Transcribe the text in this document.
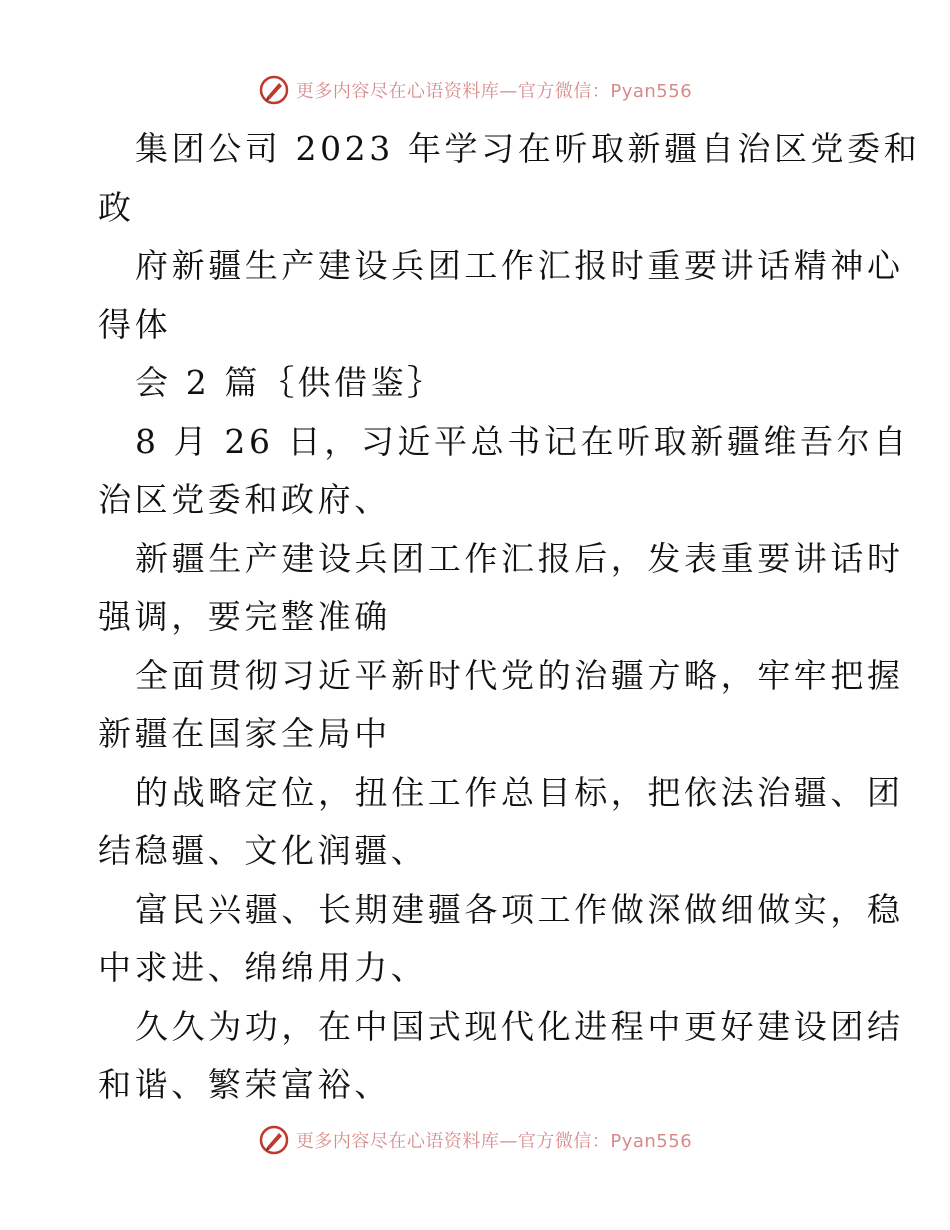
更多内容尽在心语资料库—官方微信：Pyan556
集团公司 2023 年学习在听取新疆自治区党委和
政
府新疆生产建设兵团工作汇报时重要讲话精神心
得体
会 2 篇｛供借鉴｝
8 月 26 日，习近平总书记在听取新疆维吾尔自
治区党委和政府、
新疆生产建设兵团工作汇报后，发表重要讲话时
强调，要完整准确
全面贯彻习近平新时代党的治疆方略，牢牢把握
新疆在国家全局中
的战略定位，扭住工作总目标，把依法治疆、团
结稳疆、文化润疆、
富民兴疆、长期建疆各项工作做深做细做实，稳
中求进、绵绵用力、
久久为功，在中国式现代化进程中更好建设团结
和谐、繁荣富裕、
更多内容尽在心语资料库—官方微信：Pyan556
